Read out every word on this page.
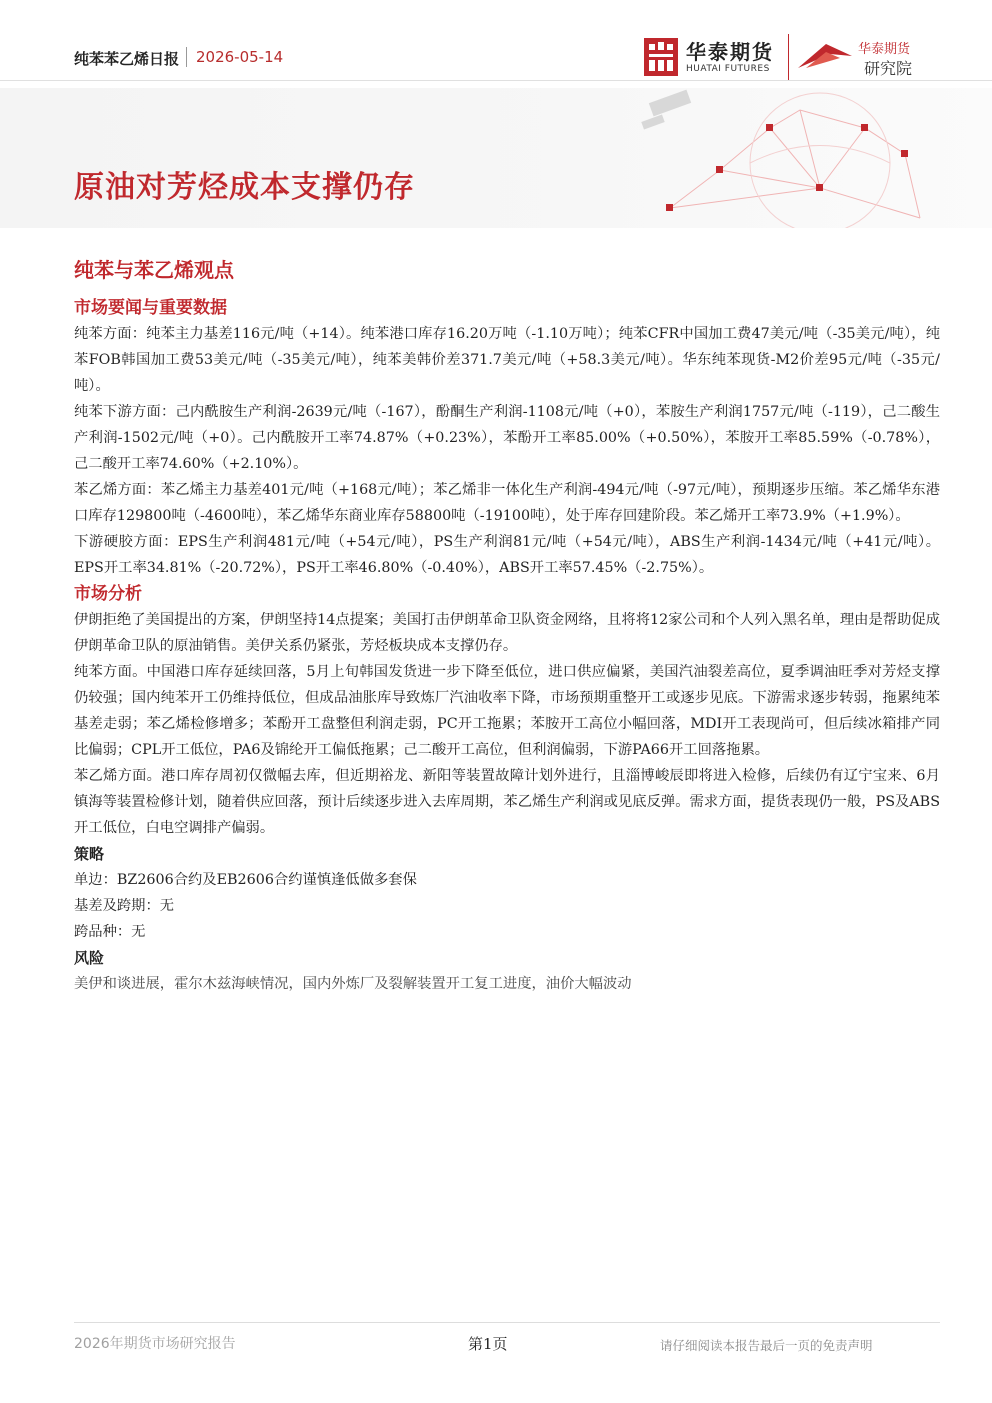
纯苯苯乙烯日报 2026-05-14	华泰期货
HUATAI FUTURES
华泰期货
研究院
原油对芳烃成本支撑仍存
纯苯与苯乙烯观点
市场要闻与重要数据

纯苯方面：纯苯主力基差116元/吨（+14）。纯苯港口库存16.20万吨（-1.10万吨）；纯苯CFR中国加工费47美元/吨（-35美元/吨），纯苯FOB韩国加工费53美元/吨（-35美元/吨），纯苯美韩价差371.7美元/吨（+58.3美元/吨）。华东纯苯现货-M2价差95元/吨（-35元/吨）。

纯苯下游方面：己内酰胺生产利润-2639元/吨（-167），酚酮生产利润-1108元/吨（+0），苯胺生产利润1757元/吨（-119），己二酸生产利润-1502元/吨（+0）。己内酰胺开工率74.87%（+0.23%），苯酚开工率85.00%（+0.50%），苯胺开工率85.59%（-0.78%），己二酸开工率74.60%（+2.10%）。

苯乙烯方面：苯乙烯主力基差401元/吨（+168元/吨）；苯乙烯非一体化生产利润-494元/吨（-97元/吨），预期逐步压缩。苯乙烯华东港口库存129800吨（-4600吨），苯乙烯华东商业库存58800吨（-19100吨），处于库存回建阶段。苯乙烯开工率73.9%（+1.9%）。

下游硬胶方面：EPS生产利润481元/吨（+54元/吨），PS生产利润81元/吨（+54元/吨），ABS生产利润-1434元/吨（+41元/吨）。EPS开工率34.81%（-20.72%），PS开工率46.80%（-0.40%），ABS开工率57.45%（-2.75%）。

市场分析

伊朗拒绝了美国提出的方案，伊朗坚持14点提案；美国打击伊朗革命卫队资金网络，且将将12家公司和个人列入黑名单，理由是帮助促成伊朗革命卫队的原油销售。美伊关系仍紧张，芳烃板块成本支撑仍存。

纯苯方面。中国港口库存延续回落，5月上旬韩国发货进一步下降至低位，进口供应偏紧，美国汽油裂差高位，夏季调油旺季对芳烃支撑仍较强；国内纯苯开工仍维持低位，但成品油胀库导致炼厂汽油收率下降，市场预期重整开工或逐步见底。下游需求逐步转弱，拖累纯苯基差走弱；苯乙烯检修增多；苯酚开工盘整但利润走弱，PC开工拖累；苯胺开工高位小幅回落，MDI开工表现尚可，但后续冰箱排产同比偏弱；CPL开工低位，PA6及锦纶开工偏低拖累；己二酸开工高位，但利润偏弱，下游PA66开工回落拖累。

苯乙烯方面。港口库存周初仅微幅去库，但近期裕龙、新阳等装置故障计划外进行，且淄博峻辰即将进入检修，后续仍有辽宁宝来、6月镇海等装置检修计划，随着供应回落，预计后续逐步进入去库周期，苯乙烯生产利润或见底反弹。需求方面，提货表现仍一般，PS及ABS开工低位，白电空调排产偏弱。

策略

单边：BZ2606合约及EB2606合约谨慎逢低做多套保

基差及跨期：无

跨品种：无

风险

美伊和谈进展，霍尔木兹海峡情况，国内外炼厂及裂解装置开工复工进度，油价大幅波动

2026年期货市场研究报告	第1页	请仔细阅读本报告最后一页的免责声明
